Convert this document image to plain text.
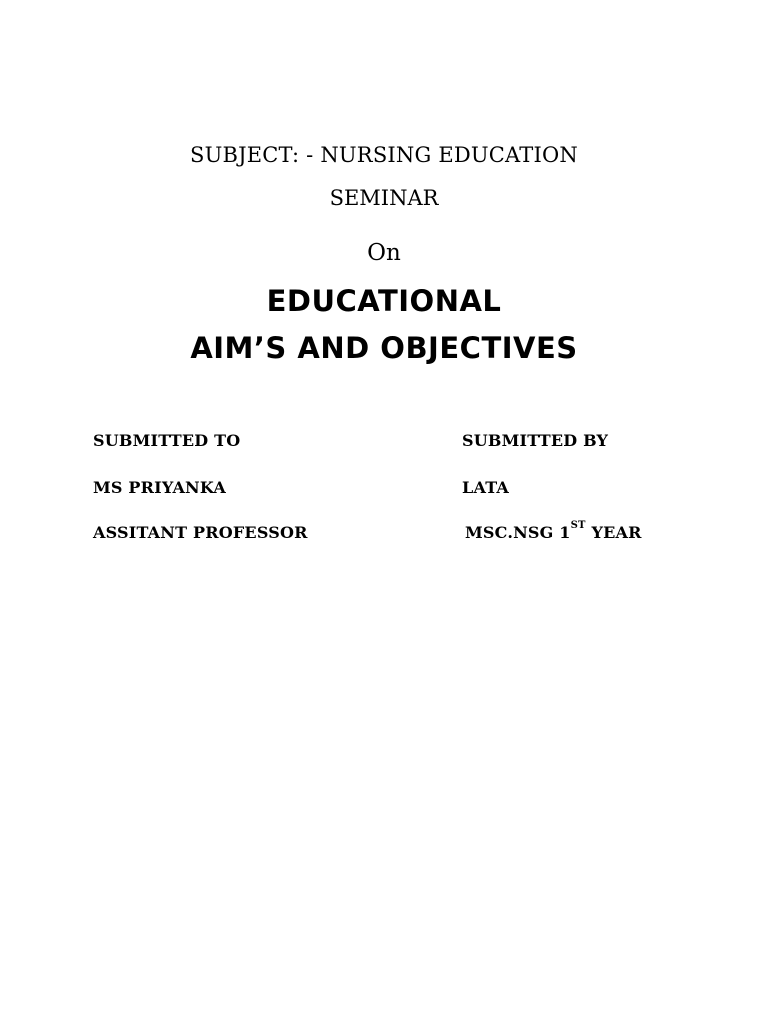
SUBJECT: - NURSING EDUCATION
SEMINAR
On
EDUCATIONAL
AIM’S AND OBJECTIVES
SUBMITTED TO
MS PRIYANKA
ASSITANT PROFESSOR
SUBMITTED BY
LATA
MSC.NSG 1ST YEAR
